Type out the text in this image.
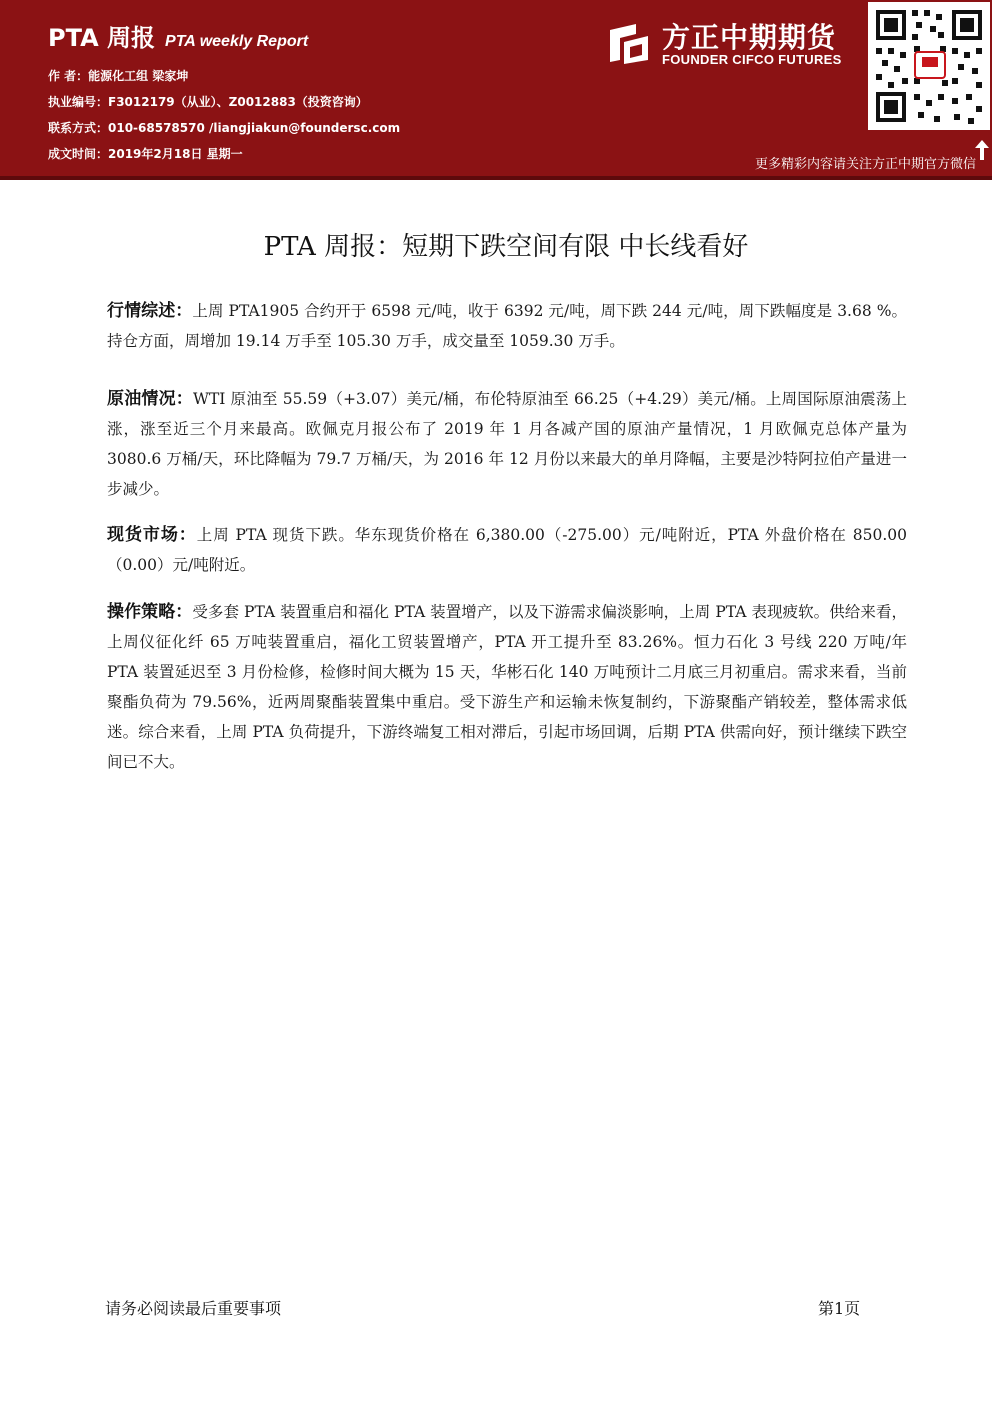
PTA 周报 PTA weekly Report
作 者：能源化工组 梁家坤
执业编号：F3012179（从业）、Z0012883（投资咨询）
联系方式：010-68578570 /liangjiakun@foundersc.com
成文时间：2019年2月18日 星期一
方正中期期货
FOUNDER CIFCO FUTURES
更多精彩内容请关注方正中期官方微信
PTA 周报：短期下跌空间有限 中长线看好
行情综述：上周 PTA1905 合约开于 6598 元/吨，收于 6392 元/吨，周下跌 244 元/吨，周下跌幅度是 3.68 %。持仓方面，周增加 19.14 万手至 105.30 万手，成交量至 1059.30 万手。
原油情况：WTI 原油至 55.59（+3.07）美元/桶，布伦特原油至 66.25（+4.29）美元/桶。上周国际原油震荡上涨，涨至近三个月来最高。欧佩克月报公布了 2019 年 1 月各减产国的原油产量情况，1 月欧佩克总体产量为 3080.6 万桶/天，环比降幅为 79.7 万桶/天，为 2016 年 12 月份以来最大的单月降幅，主要是沙特阿拉伯产量进一步减少。
现货市场：上周 PTA 现货下跌。华东现货价格在 6,380.00（-275.00）元/吨附近，PTA 外盘价格在 850.00（0.00）元/吨附近。
操作策略：受多套 PTA 装置重启和福化 PTA 装置增产，以及下游需求偏淡影响，上周 PTA 表现疲软。供给来看，上周仪征化纤 65 万吨装置重启，福化工贸装置增产，PTA 开工提升至 83.26%。恒力石化 3 号线 220 万吨/年 PTA 装置延迟至 3 月份检修，检修时间大概为 15 天，华彬石化 140 万吨预计二月底三月初重启。需求来看，当前聚酯负荷为 79.56%，近两周聚酯装置集中重启。受下游生产和运输未恢复制约，下游聚酯产销较差，整体需求低迷。综合来看，上周 PTA 负荷提升，下游终端复工相对滞后，引起市场回调，后期 PTA 供需向好，预计继续下跌空间已不大。
请务必阅读最后重要事项	第1页
